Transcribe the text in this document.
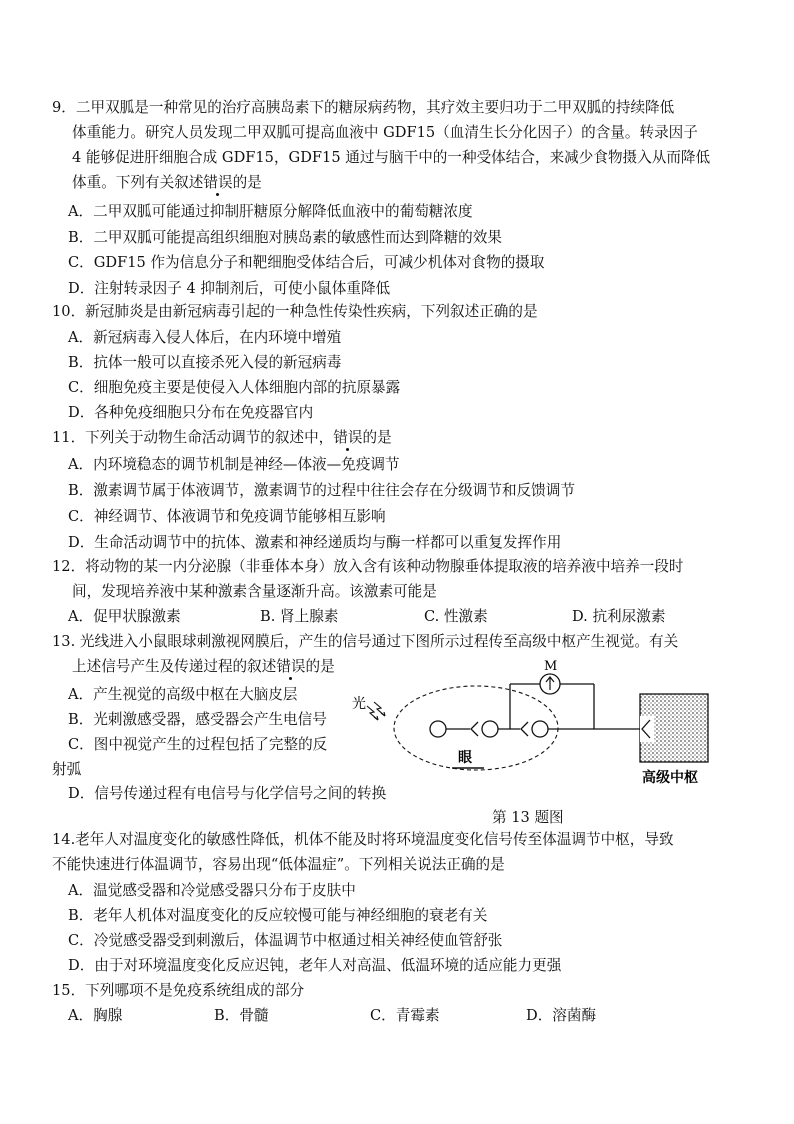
9．二甲双胍是一种常见的治疗高胰岛素下的糖尿病药物，其疗效主要归功于二甲双胍的持续降低
体重能力。研究人员发现二甲双胍可提高血液中 GDF15（血清生长分化因子）的含量。转录因子
4 能够促进肝细胞合成 GDF15，GDF15 通过与脑干中的一种受体结合，来减少食物摄入从而降低
体重。下列有关叙述错误的是
A．二甲双胍可能通过抑制肝糖原分解降低血液中的葡萄糖浓度
B．二甲双胍可能提高组织细胞对胰岛素的敏感性而达到降糖的效果
C．GDF15 作为信息分子和靶细胞受体结合后，可减少机体对食物的摄取
D．注射转录因子 4 抑制剂后，可使小鼠体重降低
10．新冠肺炎是由新冠病毒引起的一种急性传染性疾病，下列叙述正确的是
A．新冠病毒入侵人体后，在内环境中增殖
B．抗体一般可以直接杀死入侵的新冠病毒
C．细胞免疫主要是使侵入人体细胞内部的抗原暴露
D．各种免疫细胞只分布在免疫器官内
11．下列关于动物生命活动调节的叙述中，错误的是
A．内环境稳态的调节机制是神经—体液—免疫调节
B．激素调节属于体液调节，激素调节的过程中往往会存在分级调节和反馈调节
C．神经调节、体液调节和免疫调节能够相互影响
D．生命活动调节中的抗体、激素和神经递质均与酶一样都可以重复发挥作用
12．将动物的某一内分泌腺（非垂体本身）放入含有该种动物腺垂体提取液的培养液中培养一段时
间，发现培养液中某种激素含量逐渐升高。该激素可能是
A．促甲状腺激素	B. 肾上腺素	C. 性激素	D. 抗利尿激素
13. 光线进入小鼠眼球刺激视网膜后，产生的信号通过下图所示过程传至高级中枢产生视觉。有关
上述信号产生及传递过程的叙述错误的是
A．产生视觉的高级中枢在大脑皮层
B．光刺激感受器，感受器会产生电信号
C．图中视觉产生的过程包括了完整的反
射弧
D．信号传递过程有电信号与化学信号之间的转换
光
眼
M
高级中枢
第 13 题图
14.老年人对温度变化的敏感性降低，机体不能及时将环境温度变化信号传至体温调节中枢，导致
不能快速进行体温调节，容易出现“低体温症”。下列相关说法正确的是
A．温觉感受器和冷觉感受器只分布于皮肤中
B．老年人机体对温度变化的反应较慢可能与神经细胞的衰老有关
C．冷觉感受器受到刺激后，体温调节中枢通过相关神经使血管舒张
D．由于对环境温度变化反应迟钝，老年人对高温、低温环境的适应能力更强
15．下列哪项不是免疫系统组成的部分
A．胸腺	B．骨髓	C．青霉素	D．溶菌酶
